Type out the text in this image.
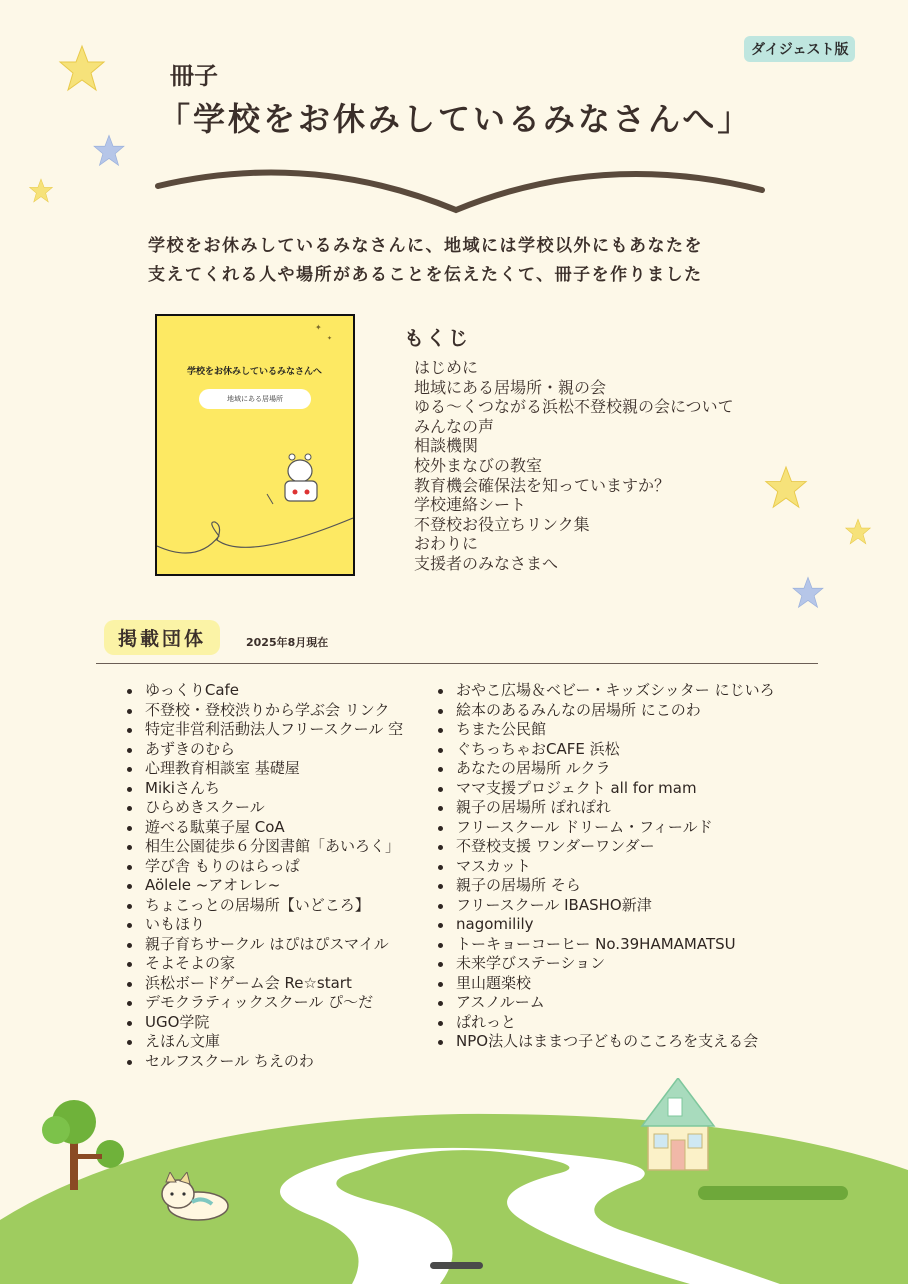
ダイジェスト版
冊子
「学校をお休みしているみなさんへ」
学校をお休みしているみなさんに、地域には学校以外にもあなたを
支えてくれる人や場所があることを伝えたくて、冊子を作りました
学校をお休みしているみなさんへ
地域にある居場所
✦
✦	もくじ
はじめに
地域にある居場所・親の会
ゆる〜くつながる浜松不登校親の会について
みんなの声
相談機関
校外まなびの教室
教育機会確保法を知っていますか？
学校連絡シート
不登校お役立ちリンク集
おわりに
支援者のみなさまへ
掲載団体	2025年8月現在
ゆっくりCafe
不登校・登校渋りから学ぶ会 リンク
特定非営利活動法人フリースクール 空
あずきのむら
心理教育相談室 基礎屋
Mikiさんち
ひらめきスクール
遊べる駄菓子屋 CoA
相生公園徒歩６分図書館「あいろく」
学び舎 もりのはらっぱ
Aölele ~アオレレ~
ちょこっとの居場所【いどころ】
いもほり
親子育ちサークル はぴはぴスマイル
そよそよの家
浜松ボードゲーム会 Re☆start
デモクラティックスクール ぴ〜だ
UGO学院
えほん文庫
セルフスクール ちえのわ
おやこ広場＆ベビー・キッズシッター にじいろ
絵本のあるみんなの居場所 にこのわ
ちまた公民館
ぐちっちゃおCAFE 浜松
あなたの居場所 ルクラ
ママ支援プロジェクト all for mam
親子の居場所 ぽれぽれ
フリースクール ドリーム・フィールド
不登校支援 ワンダーワンダー
マスカット
親子の居場所 そら
フリースクール IBASHO新津
nagomilily
トーキョーコーヒー No.39HAMAMATSU
未来学びステーション
里山題楽校
アスノルーム
ぱれっと
NPO法人はままつ子どものこころを支える会
